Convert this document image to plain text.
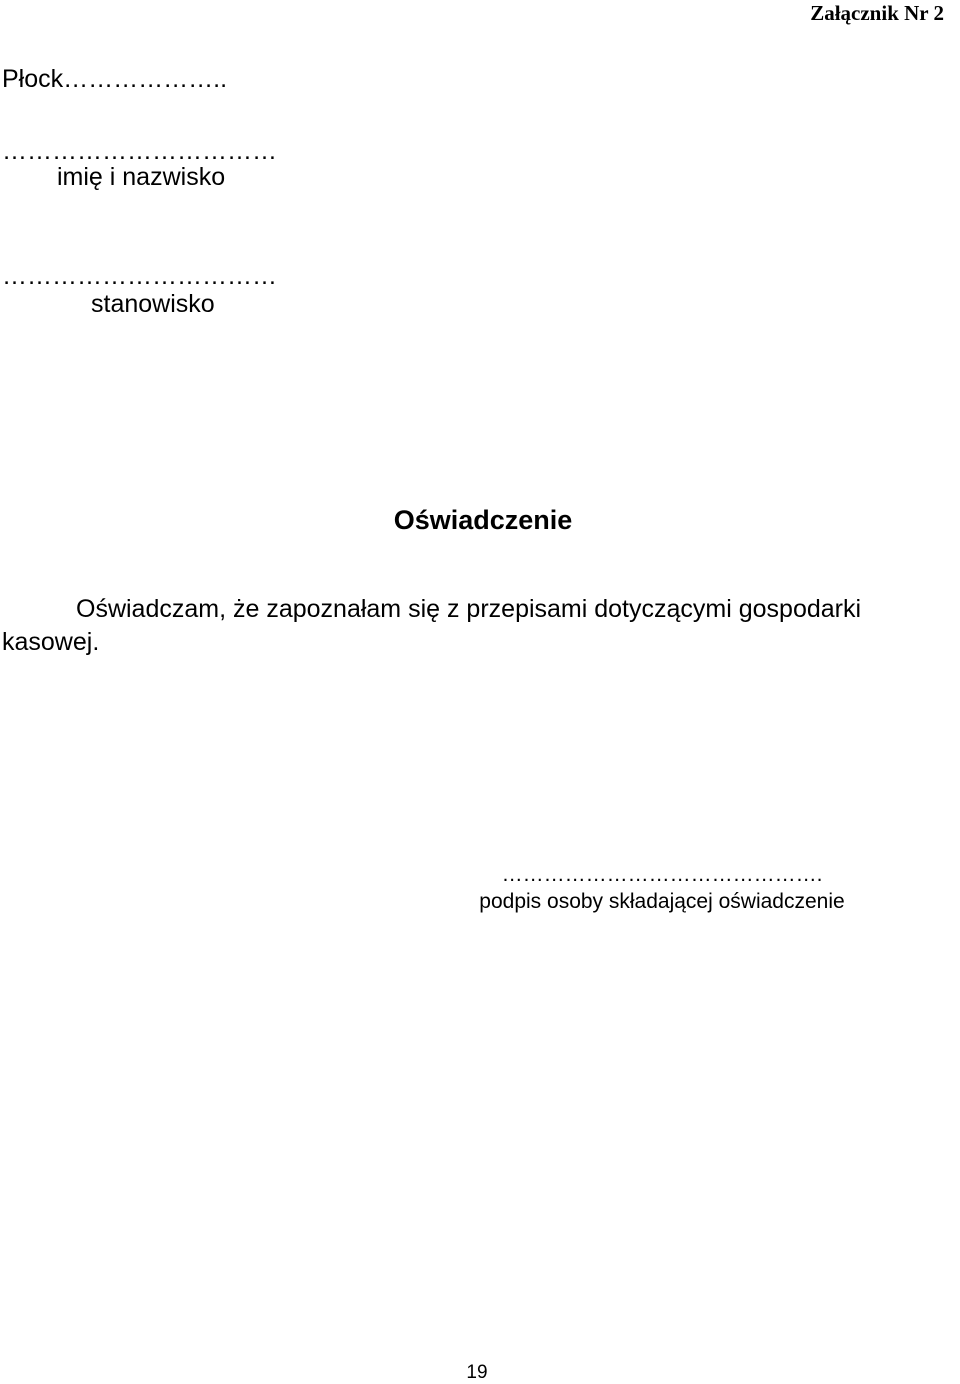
Załącznik Nr 2
Płock………………..
……………………………
imię i nazwisko
……………………………
stanowisko
Oświadczenie
Oświadczam, że zapoznałam się z przepisami dotyczącymi gospodarki kasowej.
……………………………………….
podpis osoby składającej oświadczenie
19
